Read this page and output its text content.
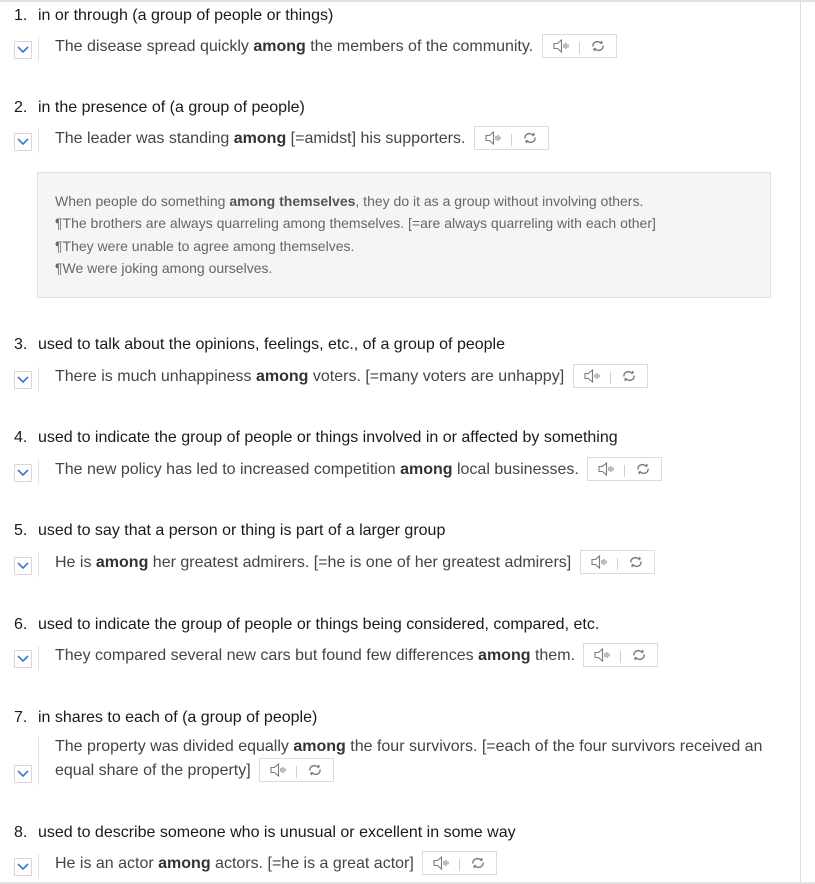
1. in or through (a group of people or things)
The disease spread quickly among the members of the community.
2. in the presence of (a group of people)
The leader was standing among [=amidst] his supporters.
When people do something among themselves, they do it as a group without involving others.
¶The brothers are always quarreling among themselves. [=are always quarreling with each other]
¶They were unable to agree among themselves.
¶We were joking among ourselves.
3. used to talk about the opinions, feelings, etc., of a group of people
There is much unhappiness among voters. [=many voters are unhappy]
4. used to indicate the group of people or things involved in or affected by something
The new policy has led to increased competition among local businesses.
5. used to say that a person or thing is part of a larger group
He is among her greatest admirers. [=he is one of her greatest admirers]
6. used to indicate the group of people or things being considered, compared, etc.
They compared several new cars but found few differences among them.
7. in shares to each of (a group of people)
The property was divided equally among the four survivors. [=each of the four survivors received an equal share of the property]
8. used to describe someone who is unusual or excellent in some way
He is an actor among actors. [=he is a great actor]
